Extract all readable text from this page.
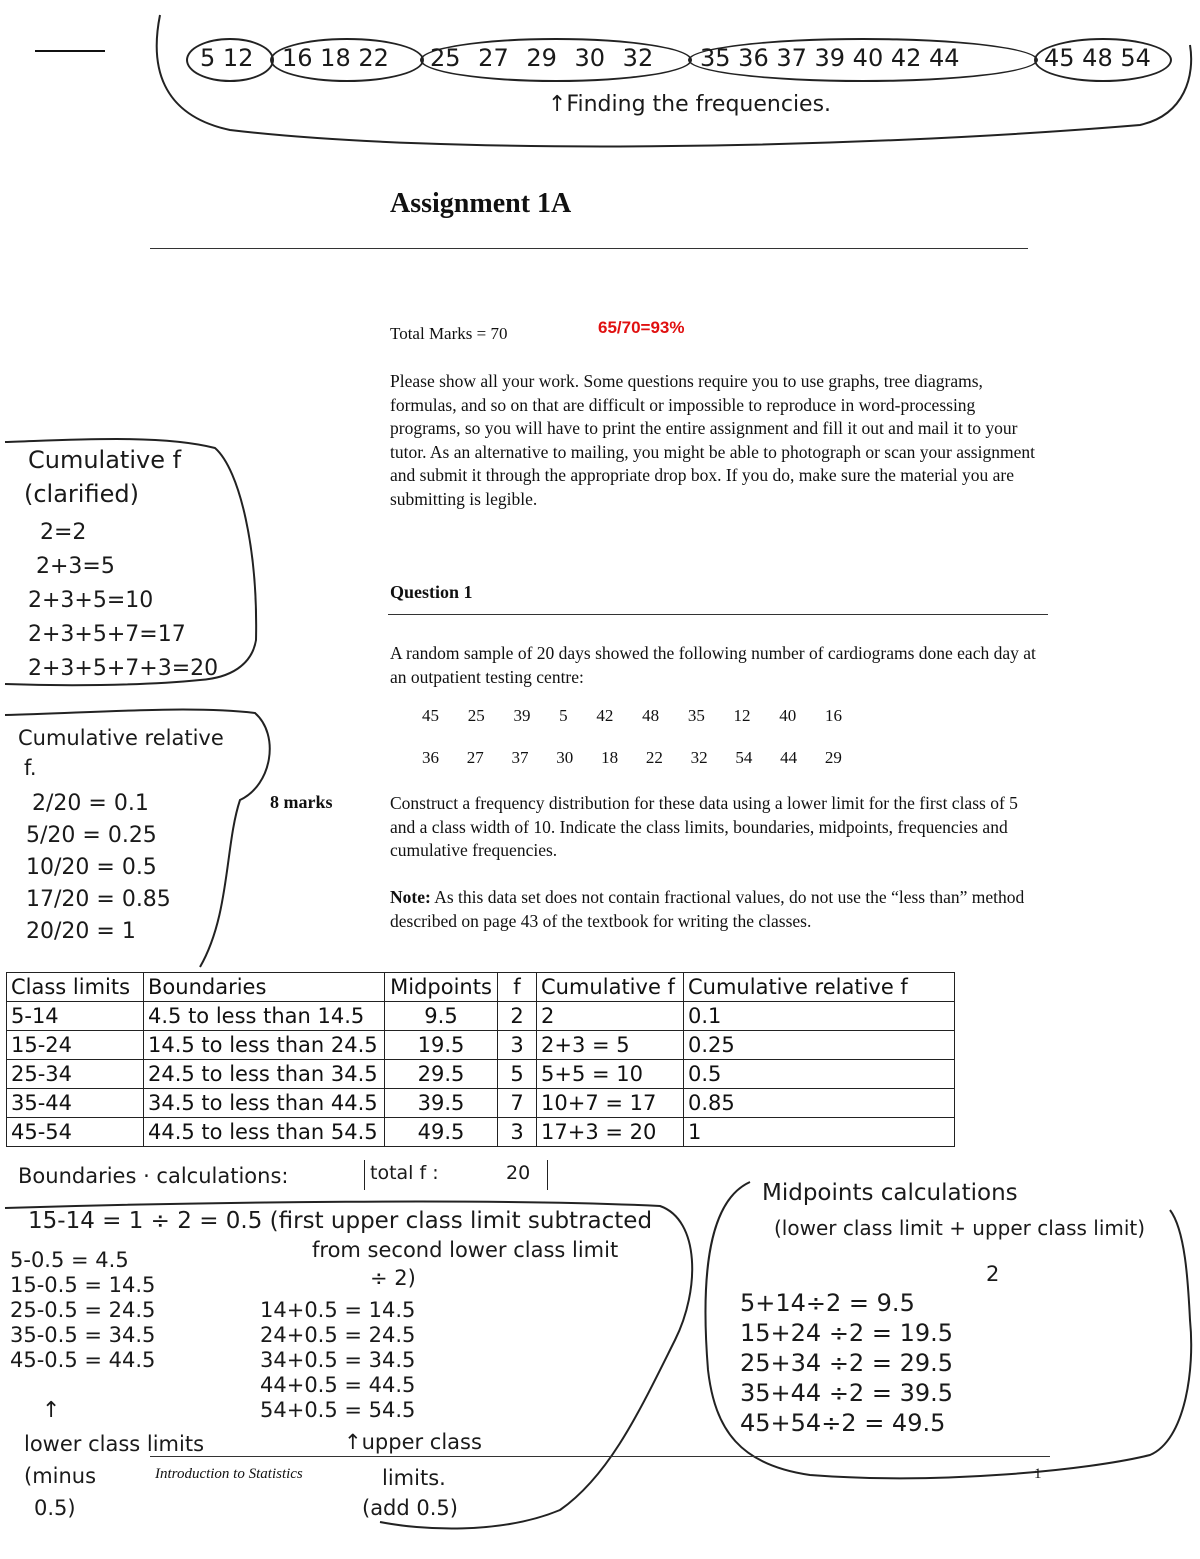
5 12 16 18 22 25 27 29 30 32 35 36 37 39 40 42 44	45 48 54
↑Finding the frequencies.
Assignment 1A
Total Marks = 70	65/70=93%
Please show all your work. Some questions require you to use graphs, tree diagrams, formulas, and so on that are difficult or impossible to reproduce in word-processing programs, so you will have to print the entire assignment and fill it out and mail it to your tutor. As an alternative to mailing, you might be able to photograph or scan your assignment and submit it through the appropriate drop box. If you do, make sure the material you are submitting is legible.
Question 1
A random sample of 20 days showed the following number of cardiograms done each day at an outpatient testing centre:
45 25 39 5 42 48 35 12 40 16
36 27 37 30 18 22 32 54 44 29
8 marks	Construct a frequency distribution for these data using a lower limit for the first class of 5 and a class width of 10. Indicate the class limits, boundaries, midpoints, frequencies and cumulative frequencies.
Note: As this data set does not contain fractional values, do not use the “less than” method described on page 43 of the textbook for writing the classes.
Cumulative f
(clarified)
2=2
2+3=5
2+3+5=10
2+3+5+7=17
2+3+5+7+3=20
Cumulative relative
f.
2/20 = 0.1
5/20 = 0.25
10/20 = 0.5
17/20 = 0.85
20/20 = 1
Class limits	Boundaries	Midpoints	f	Cumulative f	Cumulative relative f
5-14	4.5 to less than 14.5	9.5	2	2	0.1
15-24	14.5 to less than 24.5	19.5	3	2+3 = 5	0.25
25-34	24.5 to less than 34.5	29.5	5	5+5 = 10	0.5
35-44	34.5 to less than 44.5	39.5	7	10+7 = 17	0.85
45-54	44.5 to less than 54.5	49.5	3	17+3 = 20	1
total f :	20
Boundaries · calculations:
15-14 = 1 ÷ 2 = 0.5 (first upper class limit subtracted
from second lower class limit
÷ 2)
5-0.5 = 4.5
15-0.5 = 14.5
25-0.5 = 24.5
35-0.5 = 34.5
45-0.5 = 44.5
14+0.5 = 14.5
24+0.5 = 24.5
34+0.5 = 34.5
44+0.5 = 44.5
54+0.5 = 54.5
↑
lower class limits
(minus
0.5)
↑upper class
limits.
(add 0.5)
Midpoints calculations
(lower class limit + upper class limit)
2
5+14÷2 = 9.5
15+24 ÷2 = 19.5
25+34 ÷2 = 29.5
35+44 ÷2 = 39.5
45+54÷2 = 49.5
Introduction to Statistics	1
